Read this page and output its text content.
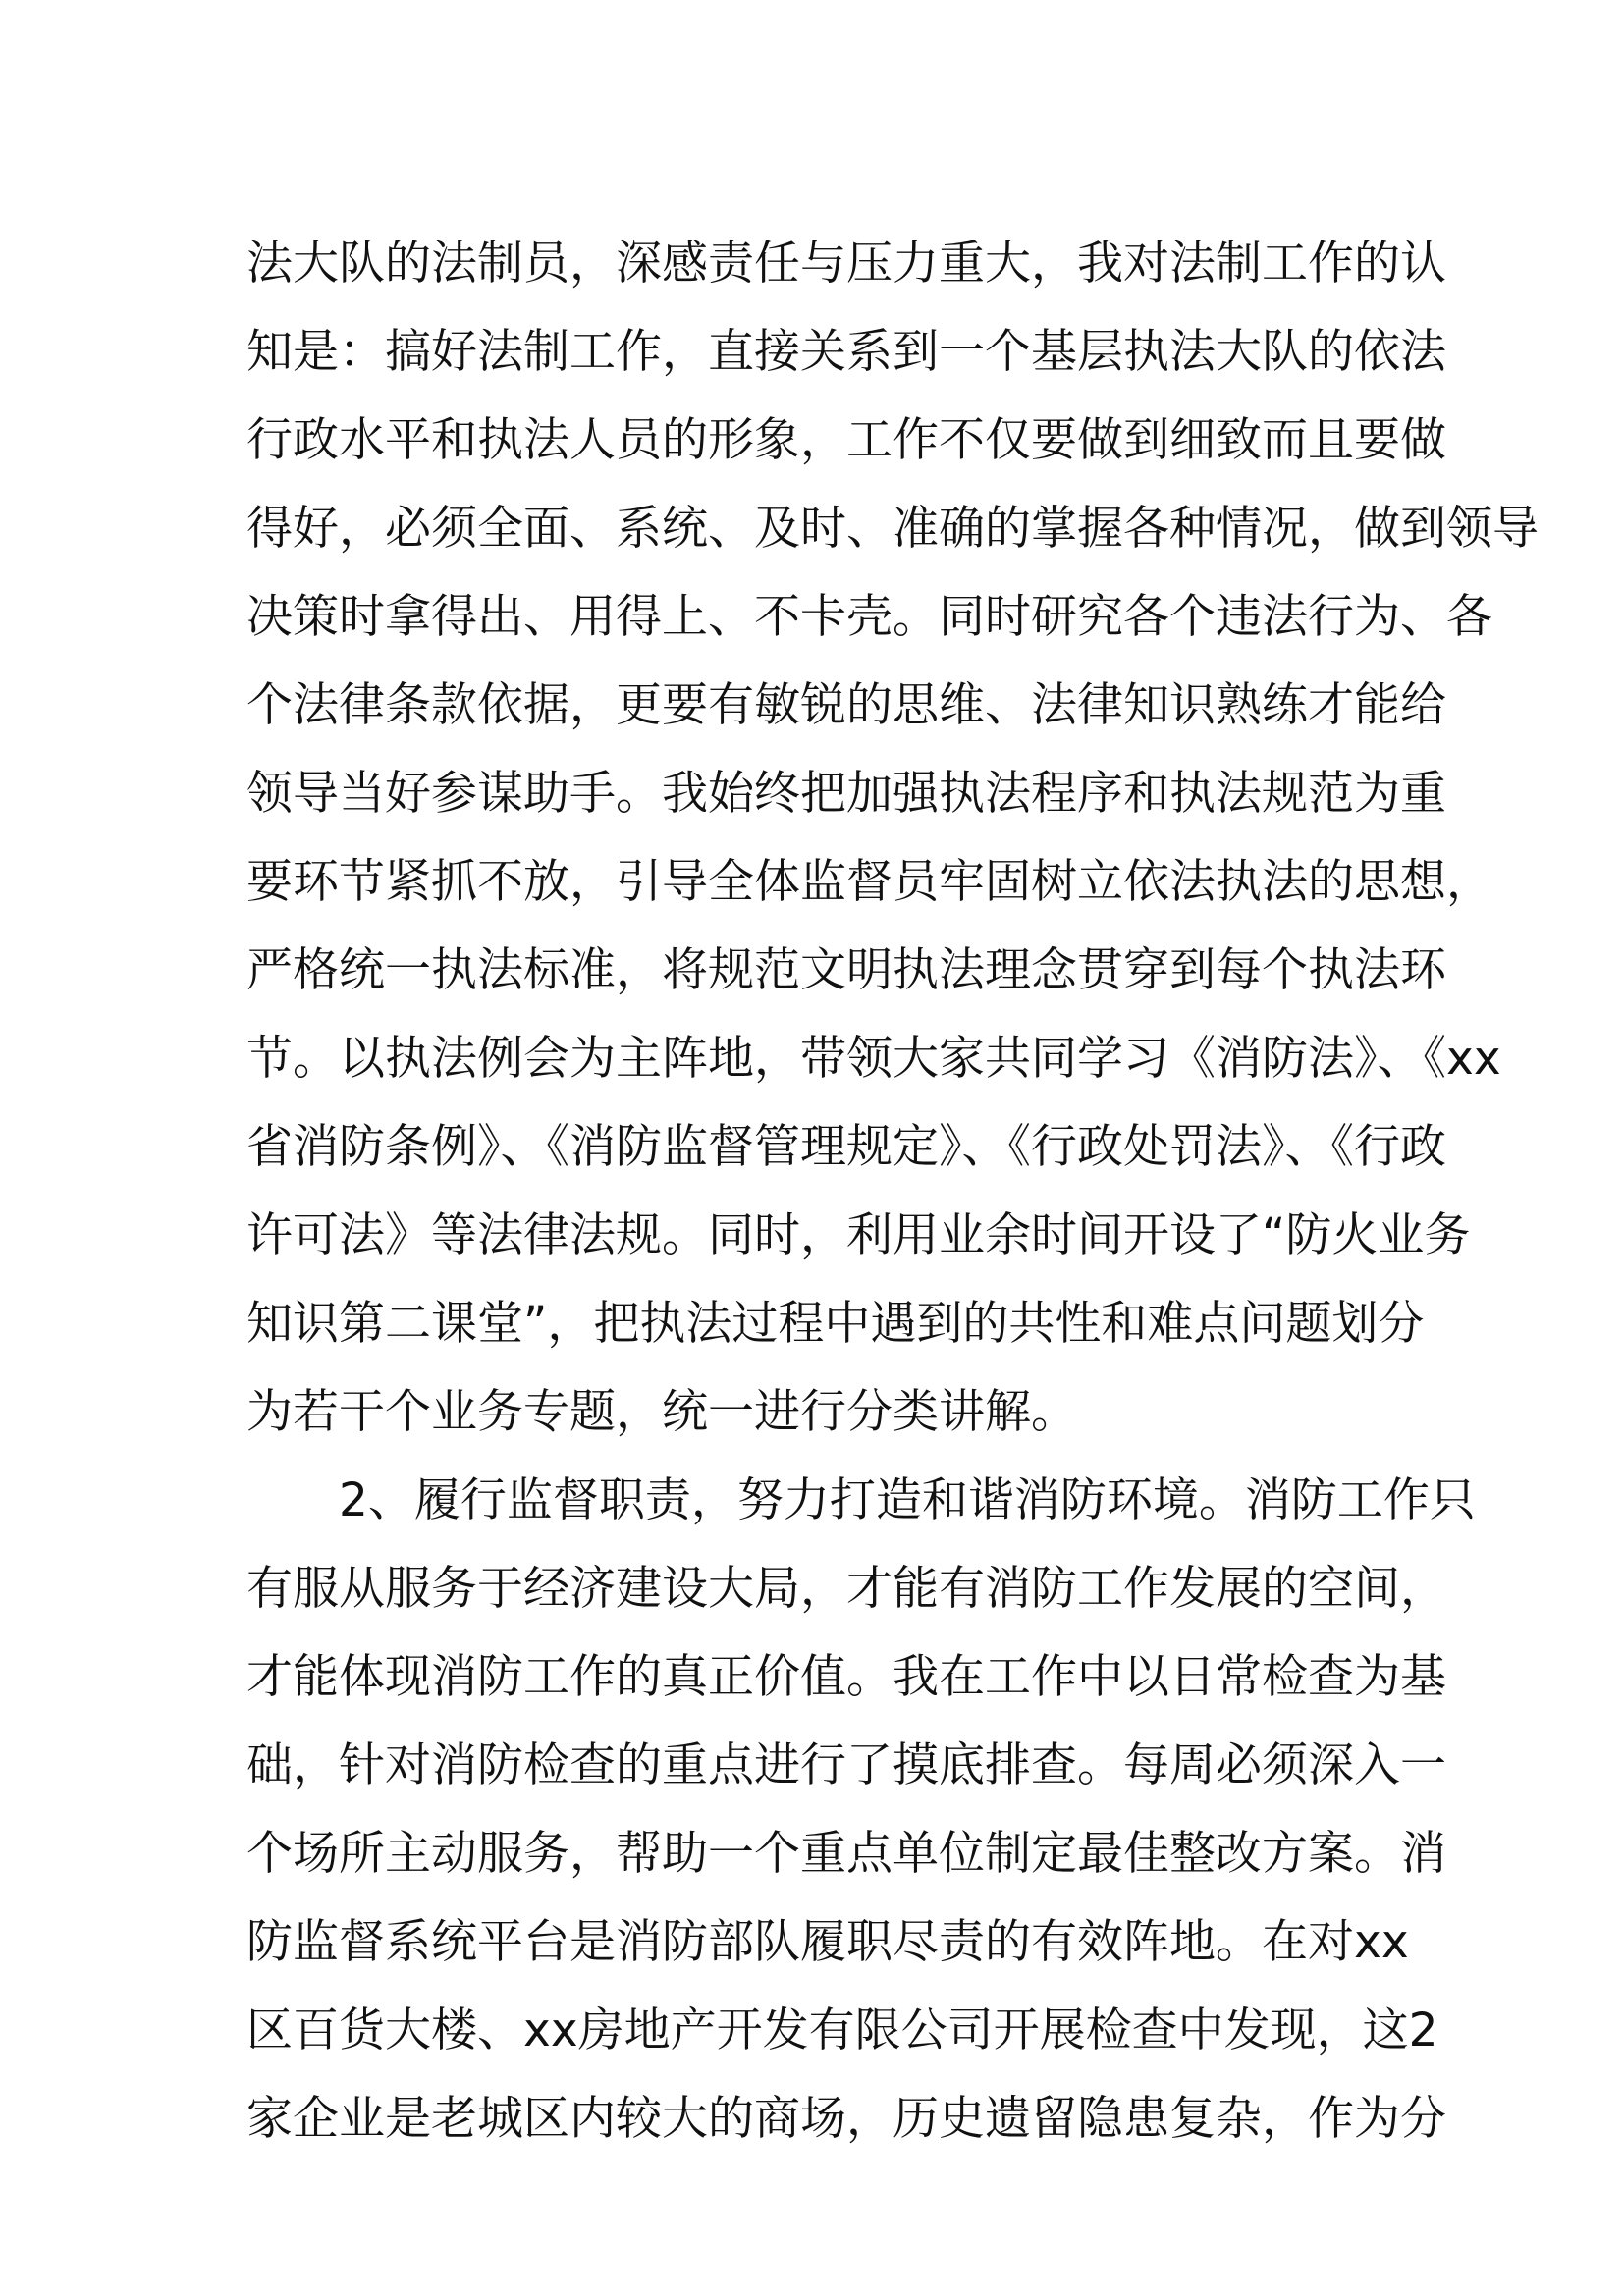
法大队的法制员，深感责任与压力重大，我对法制工作的认
知是：搞好法制工作，直接关系到一个基层执法大队的依法
行政水平和执法人员的形象，工作不仅要做到细致而且要做
得好，必须全面、系统、及时、准确的掌握各种情况，做到领导
决策时拿得出、用得上、不卡壳。同时研究各个违法行为、各
个法律条款依据，更要有敏锐的思维、法律知识熟练才能给
领导当好参谋助手。我始终把加强执法程序和执法规范为重
要环节紧抓不放，引导全体监督员牢固树立依法执法的思想，
严格统一执法标准，将规范文明执法理念贯穿到每个执法环
节。以执法例会为主阵地，带领大家共同学习《消防法》、《xx
省消防条例》、《消防监督管理规定》、《行政处罚法》、《行政
许可法》等法律法规。同时，利用业余时间开设了“防火业务
知识第二课堂”，把执法过程中遇到的共性和难点问题划分
为若干个业务专题，统一进行分类讲解。
2、履行监督职责，努力打造和谐消防环境。消防工作只
有服从服务于经济建设大局，才能有消防工作发展的空间，
才能体现消防工作的真正价值。我在工作中以日常检查为基
础，针对消防检查的重点进行了摸底排查。每周必须深入一
个场所主动服务，帮助一个重点单位制定最佳整改方案。消
防监督系统平台是消防部队履职尽责的有效阵地。在对xx
区百货大楼、xx房地产开发有限公司开展检查中发现，这2
家企业是老城区内较大的商场，历史遗留隐患复杂，作为分
